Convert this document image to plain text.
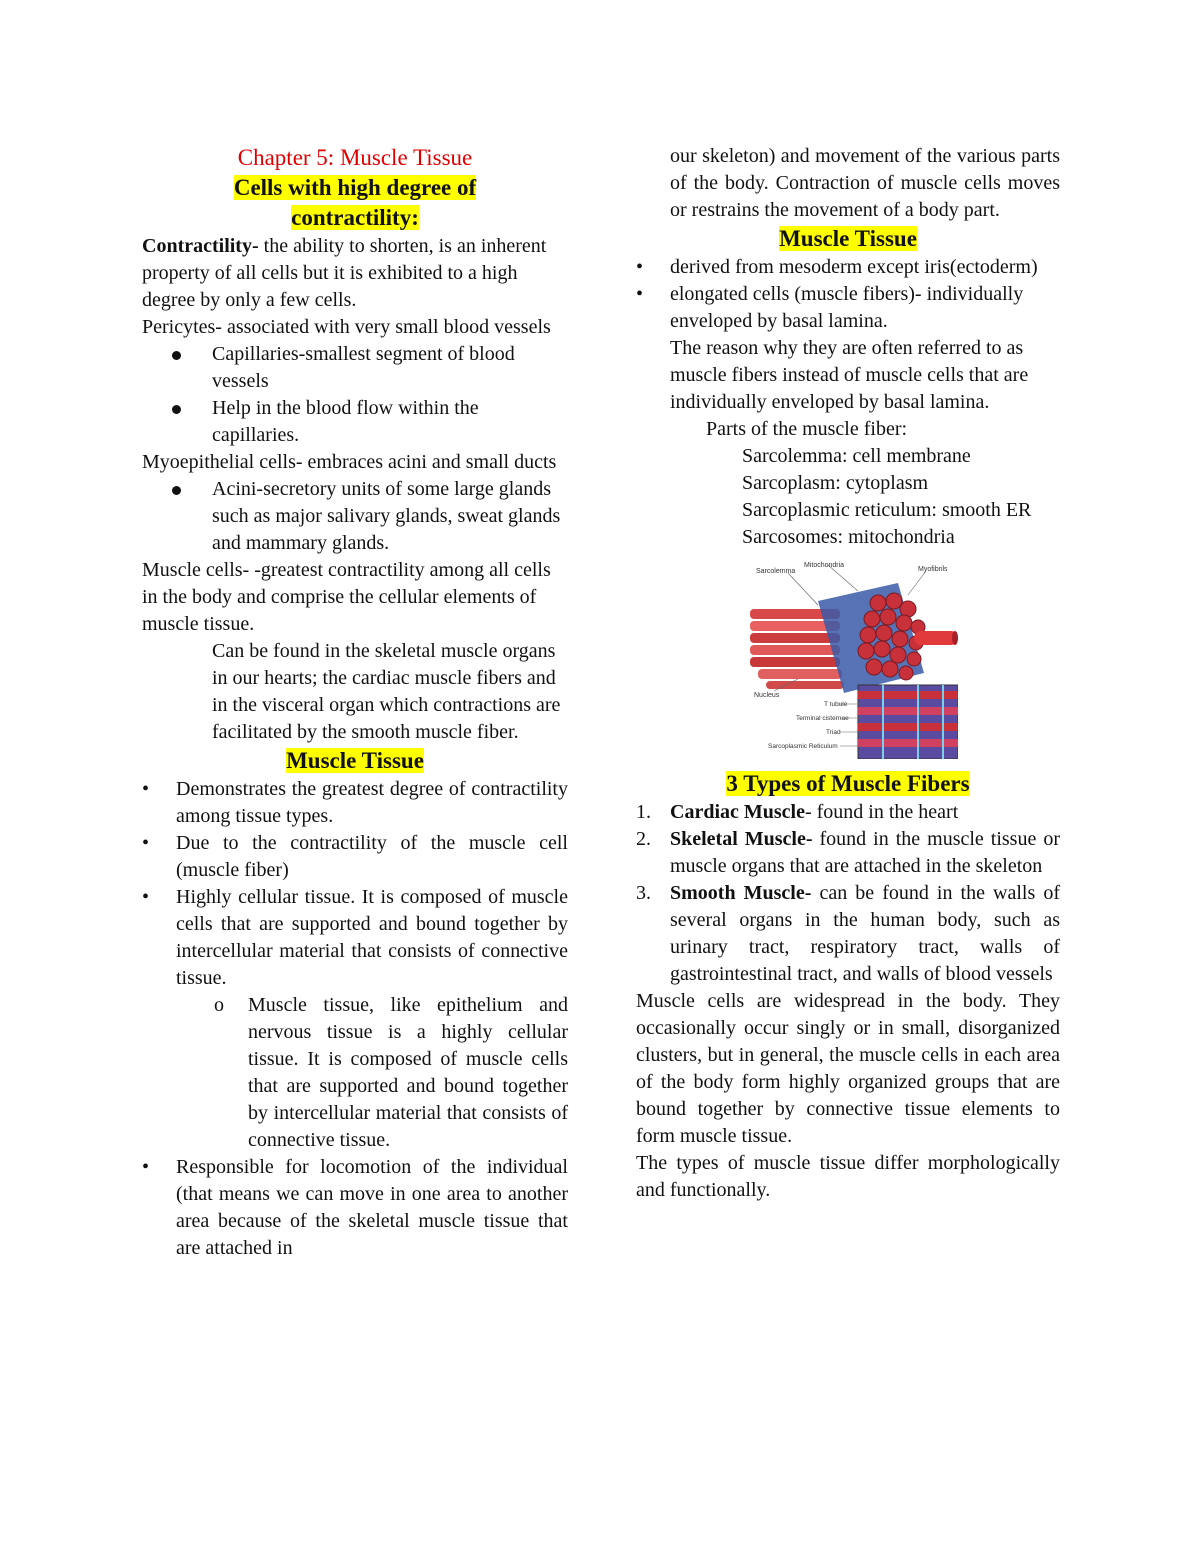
Chapter 5: Muscle Tissue

Cells with high degree of
contractility:

Contractility- the ability to shorten, is an inherent property of all cells but it is exhibited to a high degree by only a few cells.

Pericytes- associated with very small blood vessels

Capillaries-smallest segment of blood vessels
Help in the blood flow within the capillaries.

Myoepithelial cells- embraces acini and small ducts

Acini-secretory units of some large glands such as major salivary glands, sweat glands and mammary glands.

Muscle cells- -greatest contractility among all cells in the body and comprise the cellular elements of muscle tissue.

Can be found in the skeletal muscle organs in our hearts; the cardiac muscle fibers and in the visceral organ which contractions are facilitated by the smooth muscle fiber.

Muscle Tissue

•	Demonstrates the greatest degree of contractility among tissue types.
•	Due to the contractility of the muscle cell (muscle fiber)
•	Highly cellular tissue. It is composed of muscle cells that are supported and bound together by intercellular material that consists of connective tissue.
o Muscle tissue, like epithelium and nervous tissue is a highly cellular tissue. It is composed of muscle cells that are supported and bound together by intercellular material that consists of connective tissue.
•	Responsible for locomotion of the individual (that means we can move in one area to another area because of the skeletal muscle tissue that are attached in

our skeleton) and movement of the various parts of the body. Contraction of muscle cells moves or restrains the movement of a body part.

Muscle Tissue

•	derived from mesoderm except iris(ectoderm)
•	elongated cells (muscle fibers)- individually enveloped by basal lamina.

The reason why they are often referred to as muscle fibers instead of muscle cells that are individually enveloped by basal lamina.

Parts of the muscle fiber:

Sarcolemma: cell membrane
Sarcoplasm: cytoplasm
Sarcoplasmic reticulum: smooth ER
Sarcosomes: mitochondria
Sarcolemma
Mitochondria
Myofibrils
Nucleus
T tubule
Terminal cisternae
Triad
Sarcoplasmic Reticulum

3 Types of Muscle Fibers

1. Cardiac Muscle- found in the heart
2. Skeletal Muscle- found in the muscle tissue or muscle organs that are attached in the skeleton
3. Smooth Muscle- can be found in the walls of several organs in the human body, such as urinary tract, respiratory tract, walls of gastrointestinal tract, and walls of blood vessels

Muscle cells are widespread in the body. They occasionally occur singly or in small, disorganized clusters, but in general, the muscle cells in each area of the body form highly organized groups that are bound together by connective tissue elements to form muscle tissue.

The types of muscle tissue differ morphologically and functionally.
